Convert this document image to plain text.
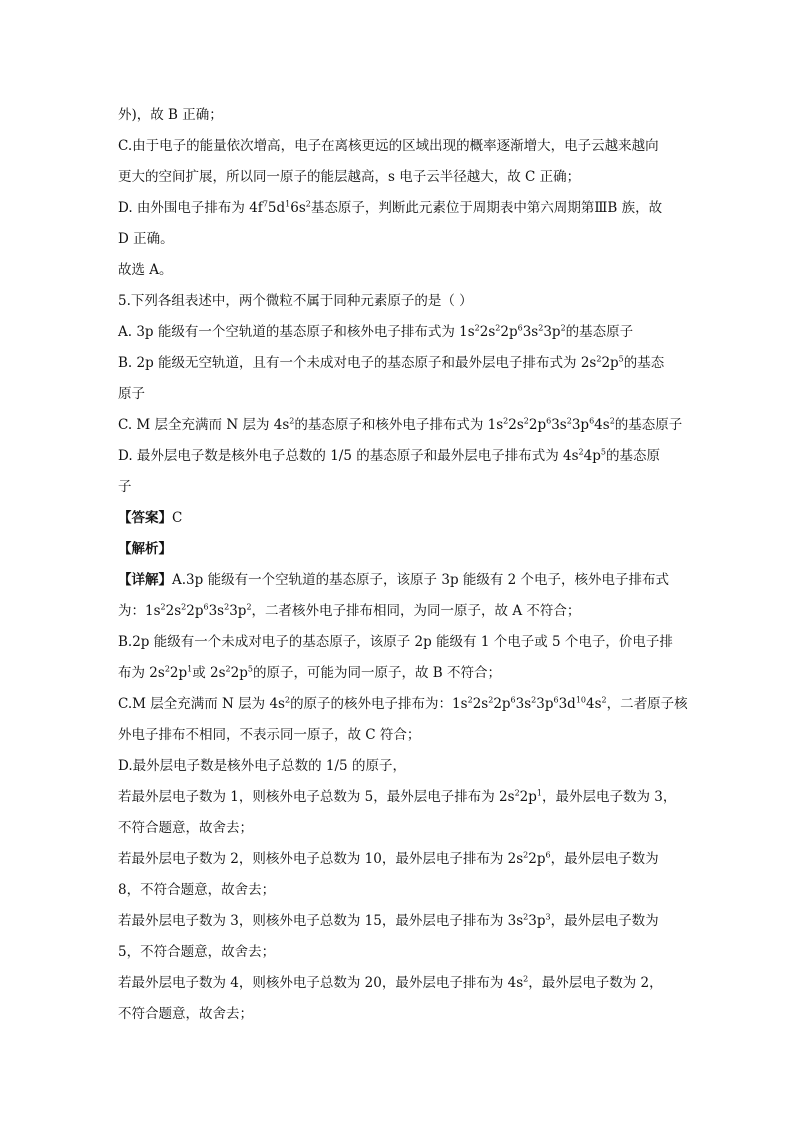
外)，故 B 正确；
C.由于电子的能量依次增高，电子在离核更远的区域出现的概率逐渐增大，电子云越来越向
更大的空间扩展，所以同一原子的能层越高，s 电子云半径越大，故 C 正确；
D. 由外围电子排布为 $4f^75d^16s^2$基态原子，判断此元素位于周期表中第六周期第ⅢB 族，故
D 正确。
故选 A。
5.下列各组表述中，两个微粒不属于同种元素原子的是（ ）
A. 3p 能级有一个空轨道的基态原子和核外电子排布式为 $1s^22s^22p^63s^23p^2$的基态原子
B. 2p 能级无空轨道，且有一个未成对电子的基态原子和最外层电子排布式为 $2s^22p^5$的基态
原子
C. M 层全充满而 N 层为 $4s^2$的基态原子和核外电子排布式为 $1s^22s^22p^63s^23p^64s^2$的基态原子
D. 最外层电子数是核外电子总数的 1/5 的基态原子和最外层电子排布式为 $4s^24p^5$的基态原
子
【答案】C
【解析】
【详解】A.3p 能级有一个空轨道的基态原子，该原子 3p 能级有 2 个电子，核外电子排布式
为：$1s^22s^22p^63s^23p^2$，二者核外电子排布相同，为同一原子，故 A 不符合；
B.2p 能级有一个未成对电子的基态原子，该原子 2p 能级有 1 个电子或 5 个电子，价电子排
布为 $2s^22p^1$或 $2s^22p^5$的原子，可能为同一原子，故 B 不符合；
C.M 层全充满而 N 层为 $4s^2$的原子的核外电子排布为：$1s^22s^22p^63s^23p^63d^{10}4s^2$，二者原子核
外电子排布不相同，不表示同一原子，故 C 符合；
D.最外层电子数是核外电子总数的 1/5 的原子，
若最外层电子数为 1，则核外电子总数为 5，最外层电子排布为 $2s^22p^1$，最外层电子数为 3，
不符合题意，故舍去；
若最外层电子数为 2，则核外电子总数为 10，最外层电子排布为 $2s^22p^6$，最外层电子数为
8，不符合题意，故舍去；
若最外层电子数为 3，则核外电子总数为 15，最外层电子排布为 $3s^23p^3$，最外层电子数为
5，不符合题意，故舍去；
若最外层电子数为 4，则核外电子总数为 20，最外层电子排布为 $4s^2$，最外层电子数为 2，
不符合题意，故舍去；
